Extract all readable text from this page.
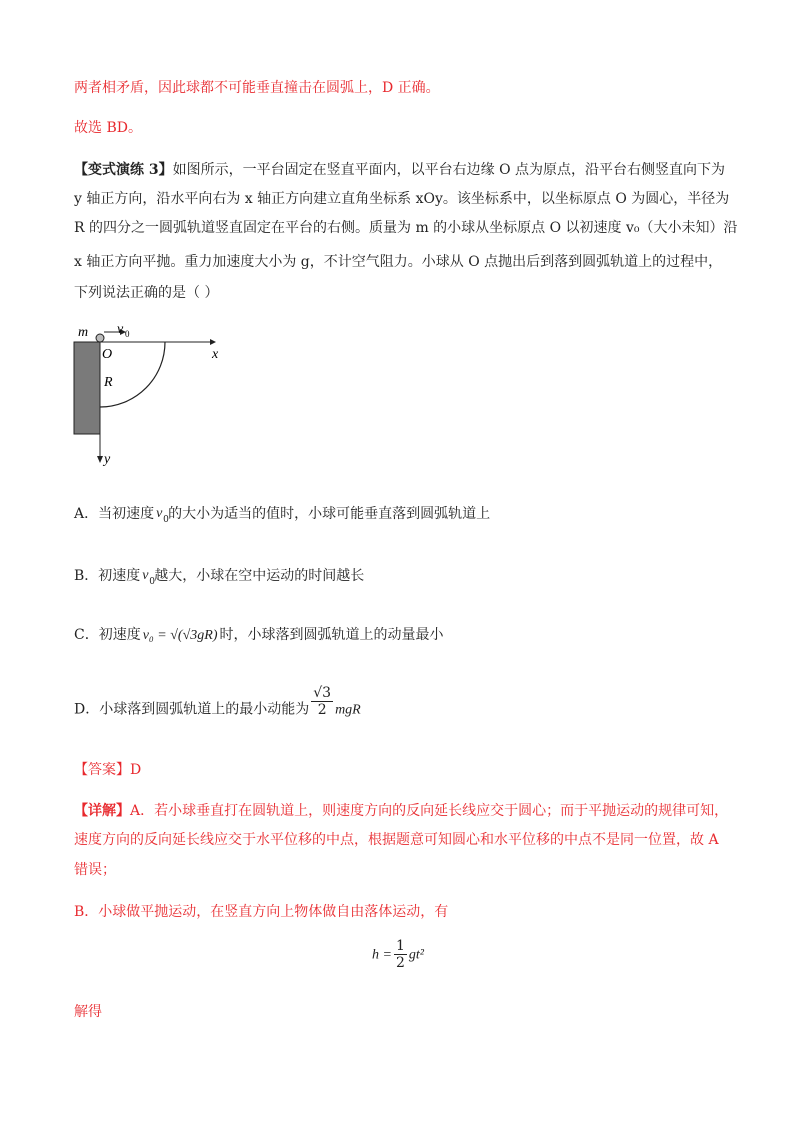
两者相矛盾，因此球都不可能垂直撞击在圆弧上，D 正确。
故选 BD。
【变式演练 3】如图所示，一平台固定在竖直平面内，以平台右边缘 O 点为原点，沿平台右侧竖直向下为
y 轴正方向，沿水平向右为 x 轴正方向建立直角坐标系 xOy。该坐标系中，以坐标原点 O 为圆心，半径为
R 的四分之一圆弧轨道竖直固定在平台的右侧。质量为 m 的小球从坐标原点 O 以初速度 v₀（大小未知）沿
x 轴正方向平抛。重力加速度大小为 g，不计空气阻力。小球从 O 点抛出后到落到圆弧轨道上的过程中，
下列说法正确的是（ ）
m v 0
O	x
R
y
A．当初速度 v 0 的大小为适当的值时，小球可能垂直落到圆弧轨道上
B．初速度 v 0 越大，小球在空中运动的时间越长
C．初速度 v₀ = √(√3gR) 时，小球落到圆弧轨道上的动量最小
D．小球落到圆弧轨道上的最小动能为 $\frac{√3}{2}$ mgR
【答案】D
【详解】A．若小球垂直打在圆轨道上，则速度方向的反向延长线应交于圆心；而于平抛运动的规律可知，
速度方向的反向延长线应交于水平位移的中点，根据题意可知圆心和水平位移的中点不是同一位置，故 A
错误；
B．小球做平抛运动，在竖直方向上物体做自由落体运动，有
$h = \frac{1}{2} gt^2$
解得
